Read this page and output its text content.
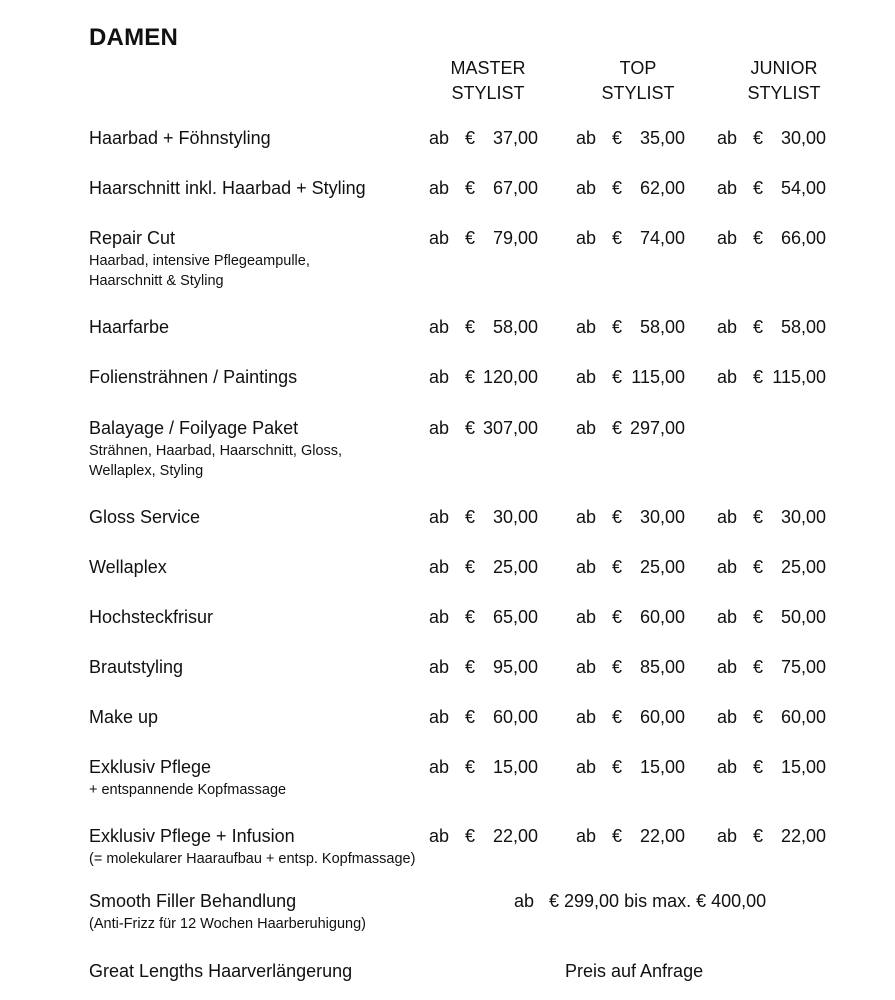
DAMEN
MASTER
STYLIST
TOP
STYLIST
JUNIOR
STYLIST
Haarbad + Föhnstyling	ab € 37,00 ab € 35,00 ab € 30,00
Haarschnitt inkl. Haarbad + Styling	ab € 67,00 ab € 62,00 ab € 54,00
Repair Cut
Haarbad, intensive Pflegeampulle,
Haarschnitt & Styling
ab € 79,00 ab € 74,00 ab € 66,00
Haarfarbe	ab € 58,00 ab € 58,00 ab € 58,00
Foliensträhnen / Paintings	ab € 120,00 ab € 115,00 ab € 115,00
Balayage / Foilyage Paket
Strähnen, Haarbad, Haarschnitt, Gloss,
Wellaplex, Styling
ab € 307,00 ab € 297,00
Gloss Service	ab € 30,00 ab € 30,00 ab € 30,00
Wellaplex	ab € 25,00 ab € 25,00 ab € 25,00
Hochsteckfrisur	ab € 65,00 ab € 60,00 ab € 50,00
Brautstyling	ab € 95,00 ab € 85,00 ab € 75,00
Make up	ab € 60,00 ab € 60,00 ab € 60,00
Exklusiv Pflege
+ entspannende Kopfmassage
ab € 15,00 ab € 15,00 ab € 15,00
Exklusiv Pflege + Infusion
(= molekularer Haaraufbau + entsp. Kopfmassage)
ab € 22,00 ab € 22,00 ab € 22,00
Smooth Filler Behandlung
(Anti-Frizz für 12 Wochen Haarberuhigung)
ab € 299,00 bis max. € 400,00
Great Lengths Haarverlängerung	Preis auf Anfrage
